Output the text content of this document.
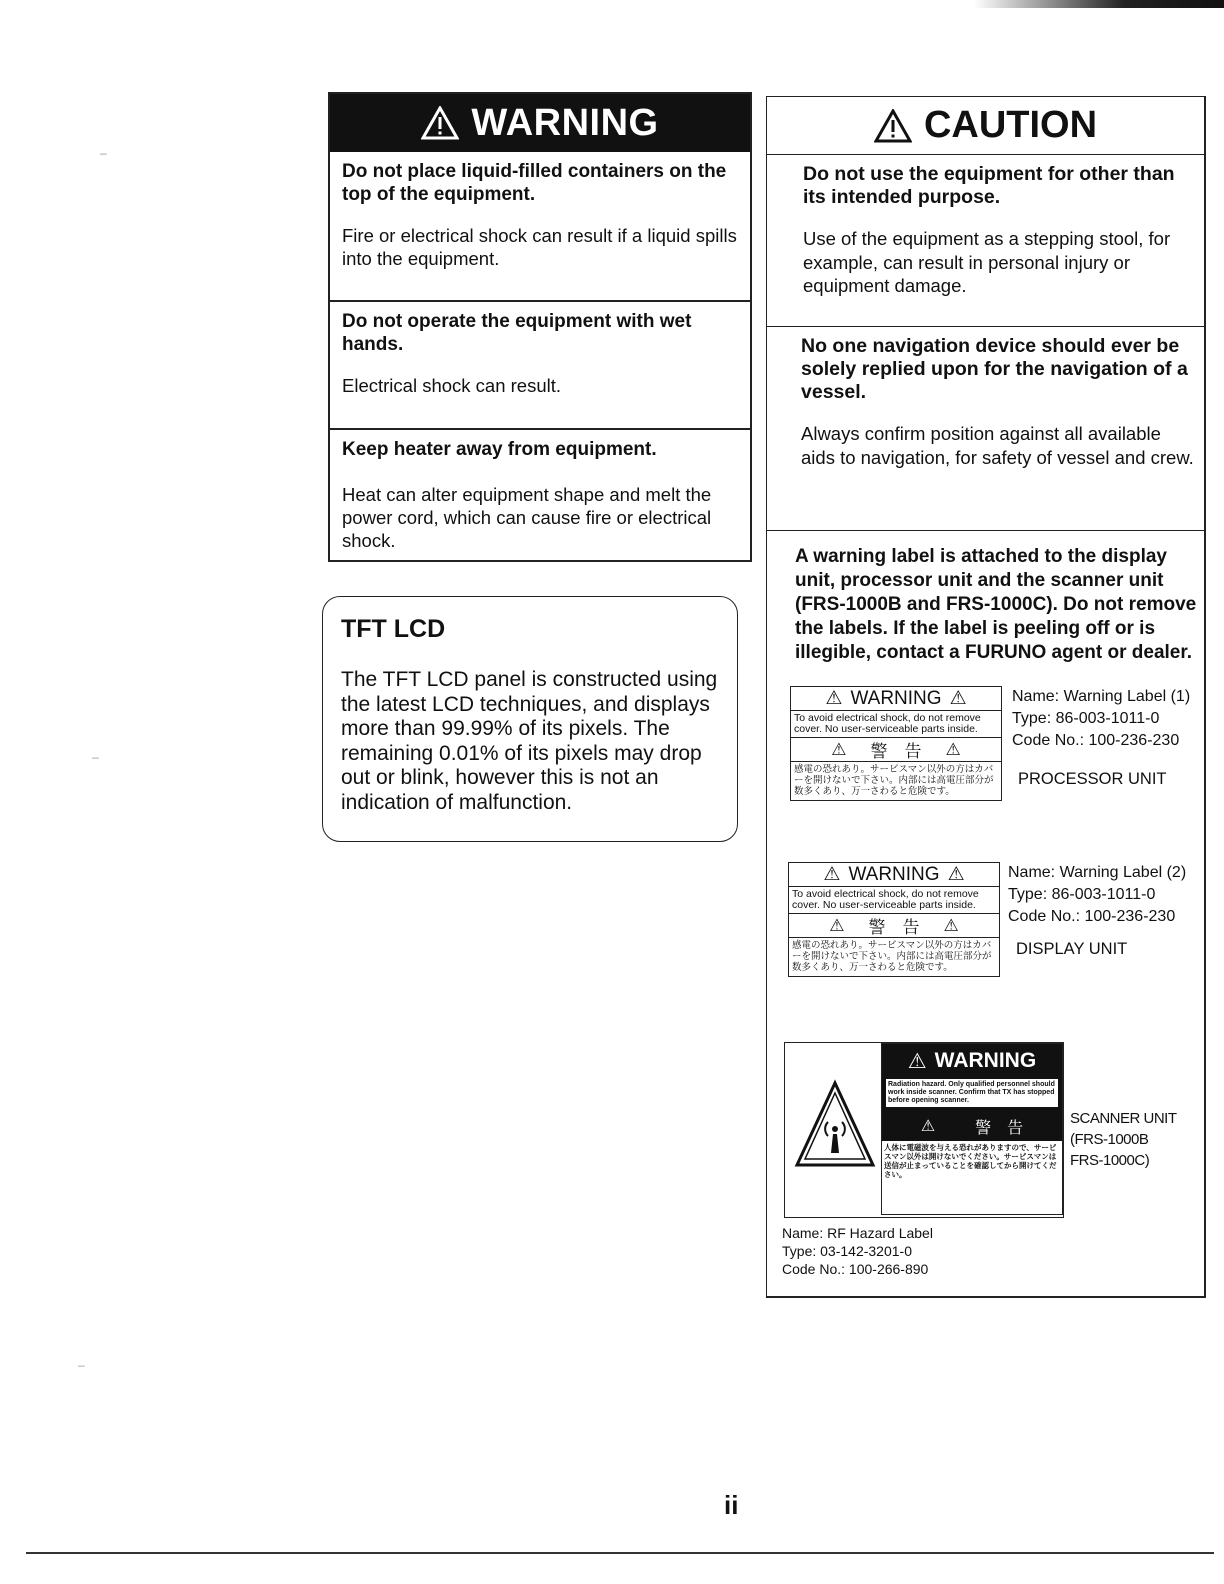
–
–
–
WARNING
Do not place liquid-filled containers on the top of the equipment.
Fire or electrical shock can result if a liquid spills into the equipment.
Do not operate the equipment with wet hands.
Electrical shock can result.
Keep heater away from equipment.
Heat can alter equipment shape and melt the power cord, which can cause fire or electrical shock.
TFT LCD
The TFT LCD panel is constructed using the latest LCD techniques, and displays more than 99.99% of its pixels. The remaining 0.01% of its pixels may drop out or blink, however this is not an indication of malfunction.
CAUTION
Do not use the equipment for other than its intended purpose.
Use of the equipment as a stepping stool, for example, can result in personal injury or equipment damage.
No one navigation device should ever be solely replied upon for the navigation of a vessel.
Always confirm position against all available aids to navigation, for safety of vessel and crew.
A warning label is attached to the display unit, processor unit and the scanner unit (FRS-1000B and FRS-1000C). Do not remove the labels. If the label is peeling off or is illegible, contact a FURUNO agent or dealer.
⚠ WARNING ⚠
To avoid electrical shock, do not remove cover. No user-serviceable parts inside.
⚠ 警　告 ⚠
感電の恐れあり。サービスマン以外の方はカバーを開けないで下さい。内部には高電圧部分が数多くあり、万一さわると危険です。
Name: Warning Label (1)
Type: 86-003-1011-0
Code No.: 100-236-230
PROCESSOR UNIT
⚠ WARNING ⚠
To avoid electrical shock, do not remove cover. No user-serviceable parts inside.
⚠ 警　告 ⚠
感電の恐れあり。サービスマン以外の方はカバーを開けないで下さい。内部には高電圧部分が数多くあり、万一さわると危険です。
Name: Warning Label (2)
Type: 86-003-1011-0
Code No.: 100-236-230
DISPLAY UNIT
⚠ WARNING
Radiation hazard. Only qualified personnel should work inside scanner. Confirm that TX has stopped before opening scanner.
⚠	警　告
人体に電磁波を与える恐れがありますので、サービスマン以外は開けないでください。サービスマンは送信が止まっていることを確認してから開けてください。
SCANNER UNIT
(FRS-1000B
FRS-1000C)
Name: RF Hazard Label
Type: 03-142-3201-0
Code No.: 100-266-890
ii
